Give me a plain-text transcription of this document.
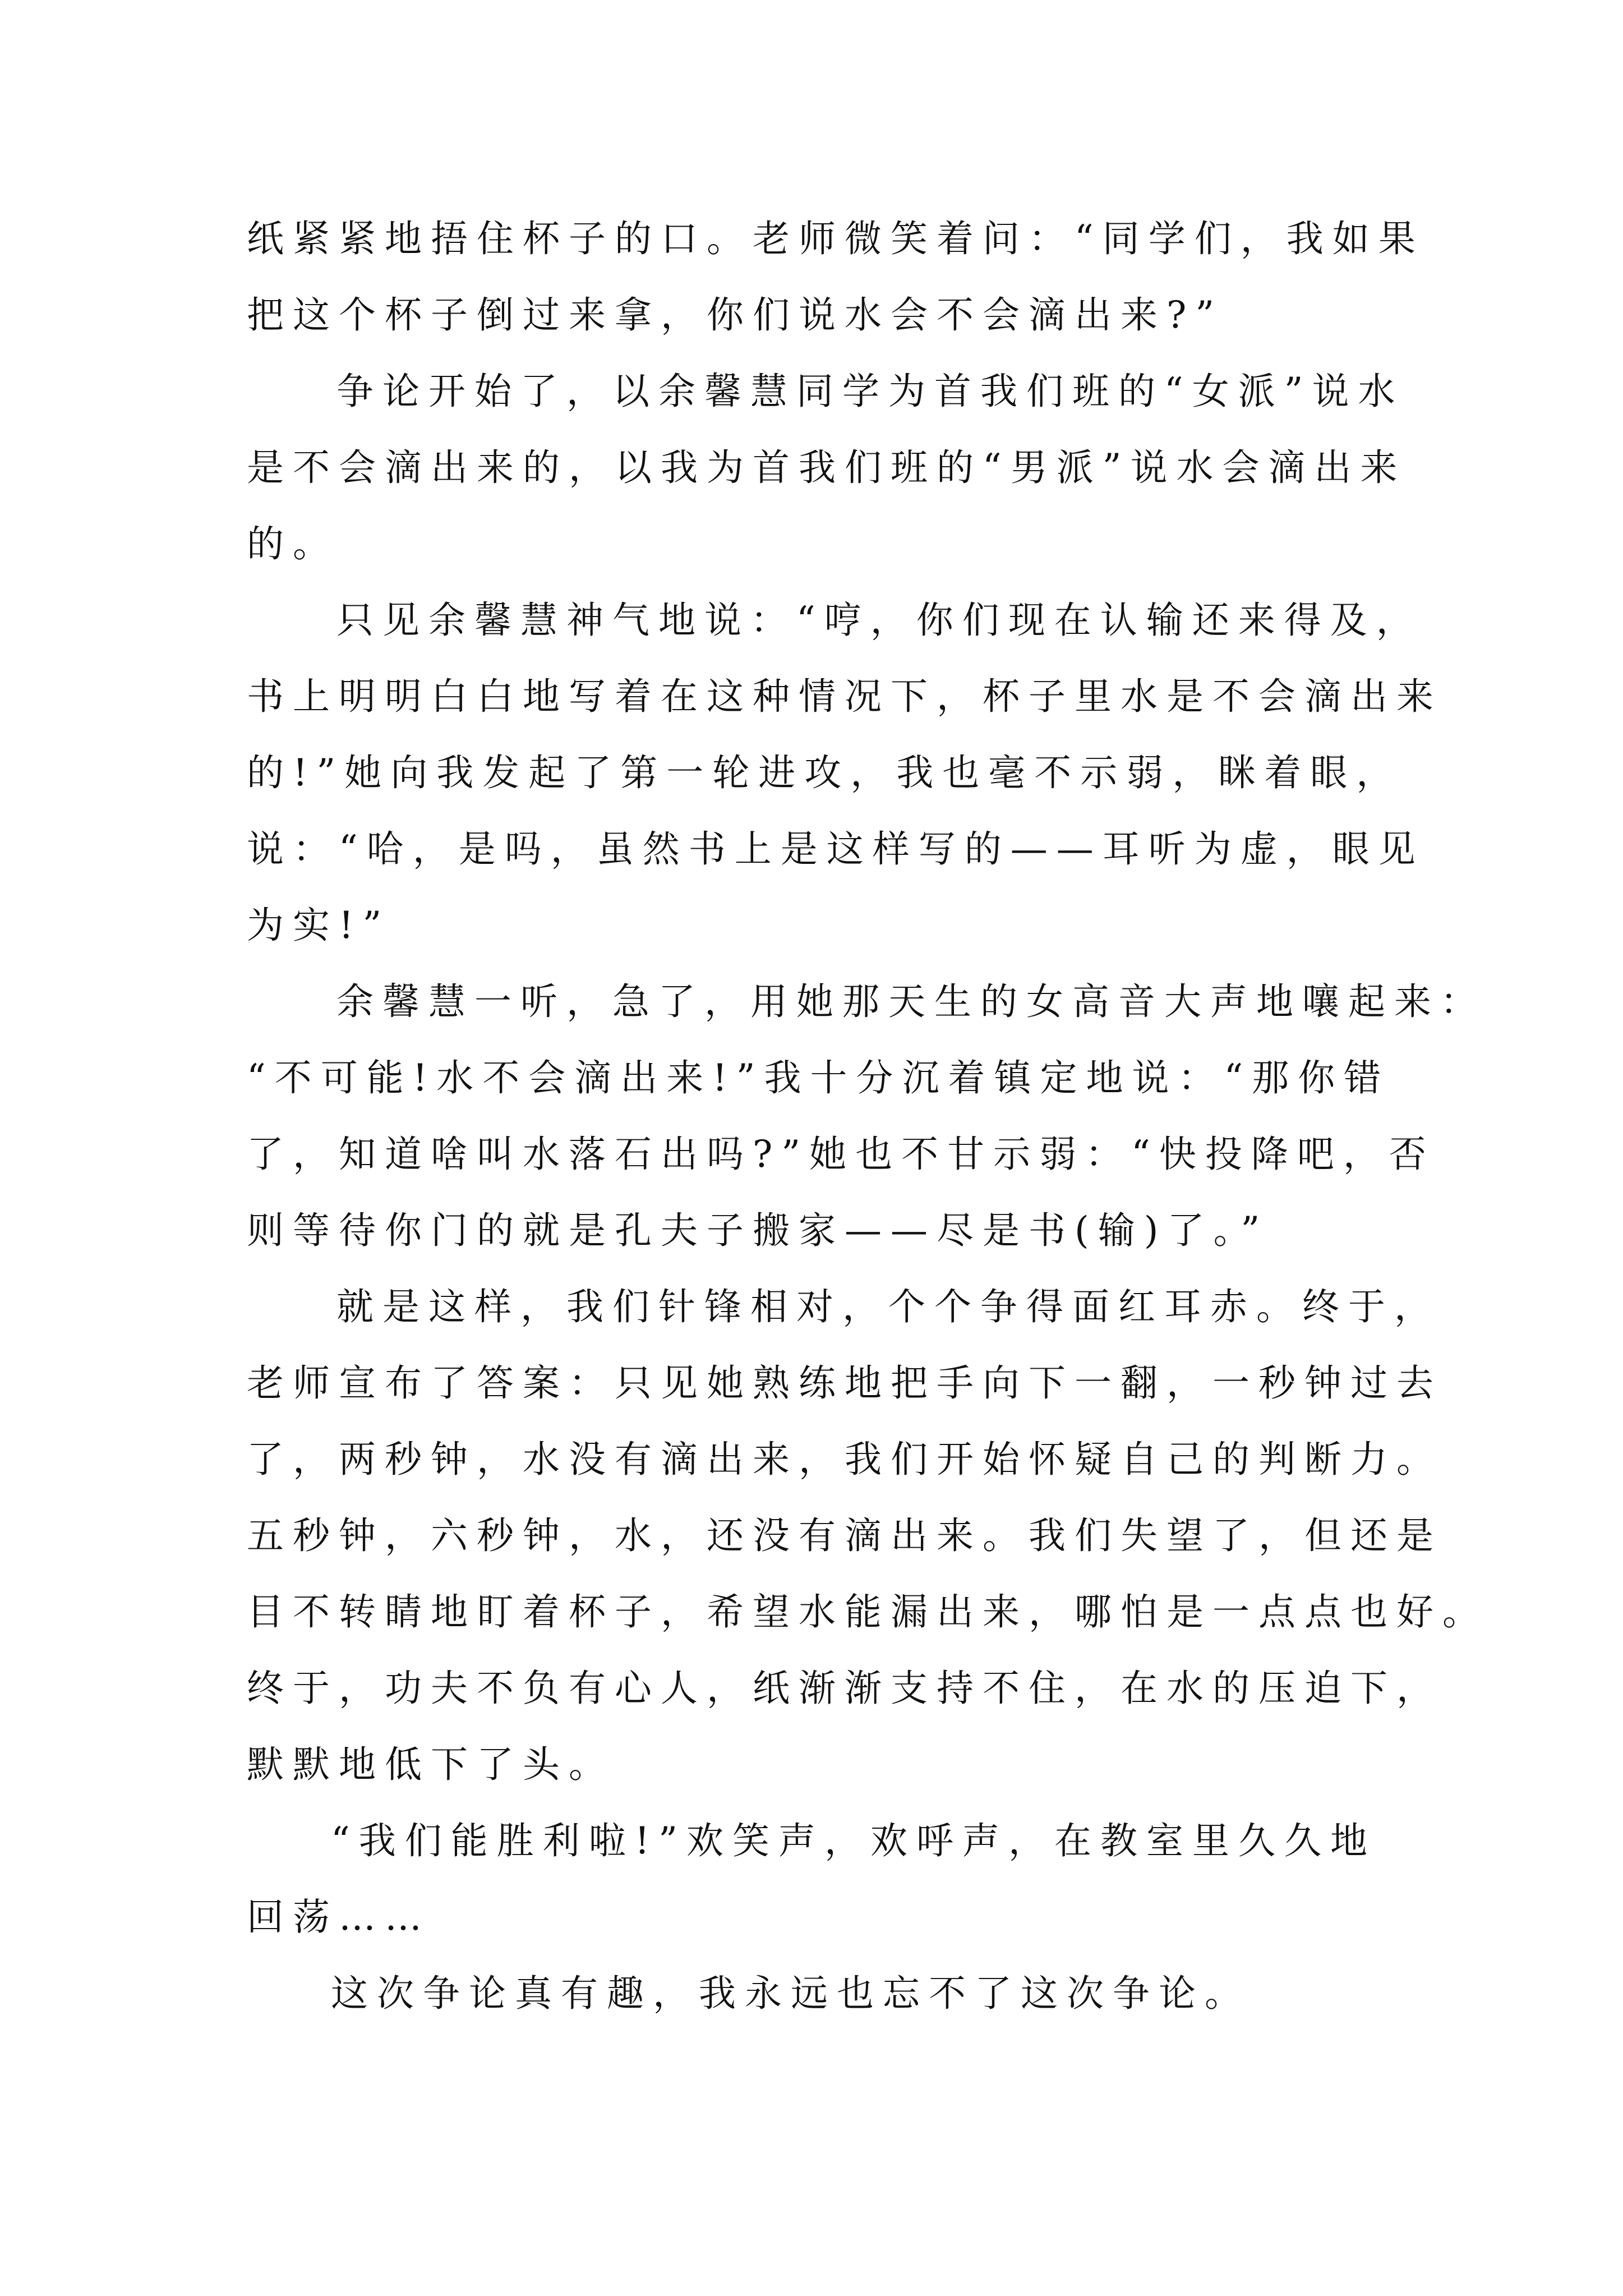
纸紧紧地捂住杯子的口。老师微笑着问：“同学们，我如果
把这个杯子倒过来拿，你们说水会不会滴出来?”
争论开始了，以余馨慧同学为首我们班的“女派”说水
是不会滴出来的，以我为首我们班的“男派”说水会滴出来
的。
只见余馨慧神气地说：“哼，你们现在认输还来得及，
书上明明白白地写着在这种情况下，杯子里水是不会滴出来
的!”她向我发起了第一轮进攻，我也毫不示弱，眯着眼，
说：“哈，是吗，虽然书上是这样写的——耳听为虚，眼见
为实!”
余馨慧一听，急了，用她那天生的女高音大声地嚷起来：
“不可能!水不会滴出来!”我十分沉着镇定地说：“那你错
了，知道啥叫水落石出吗?”她也不甘示弱：“快投降吧，否
则等待你门的就是孔夫子搬家——尽是书(输)了。”
就是这样，我们针锋相对，个个争得面红耳赤。终于，
老师宣布了答案：只见她熟练地把手向下一翻，一秒钟过去
了，两秒钟，水没有滴出来，我们开始怀疑自己的判断力。
五秒钟，六秒钟，水，还没有滴出来。我们失望了，但还是
目不转睛地盯着杯子，希望水能漏出来，哪怕是一点点也好。
终于，功夫不负有心人，纸渐渐支持不住，在水的压迫下，
默默地低下了头。
“我们能胜利啦!”欢笑声，欢呼声，在教室里久久地
回荡……
这次争论真有趣，我永远也忘不了这次争论。
